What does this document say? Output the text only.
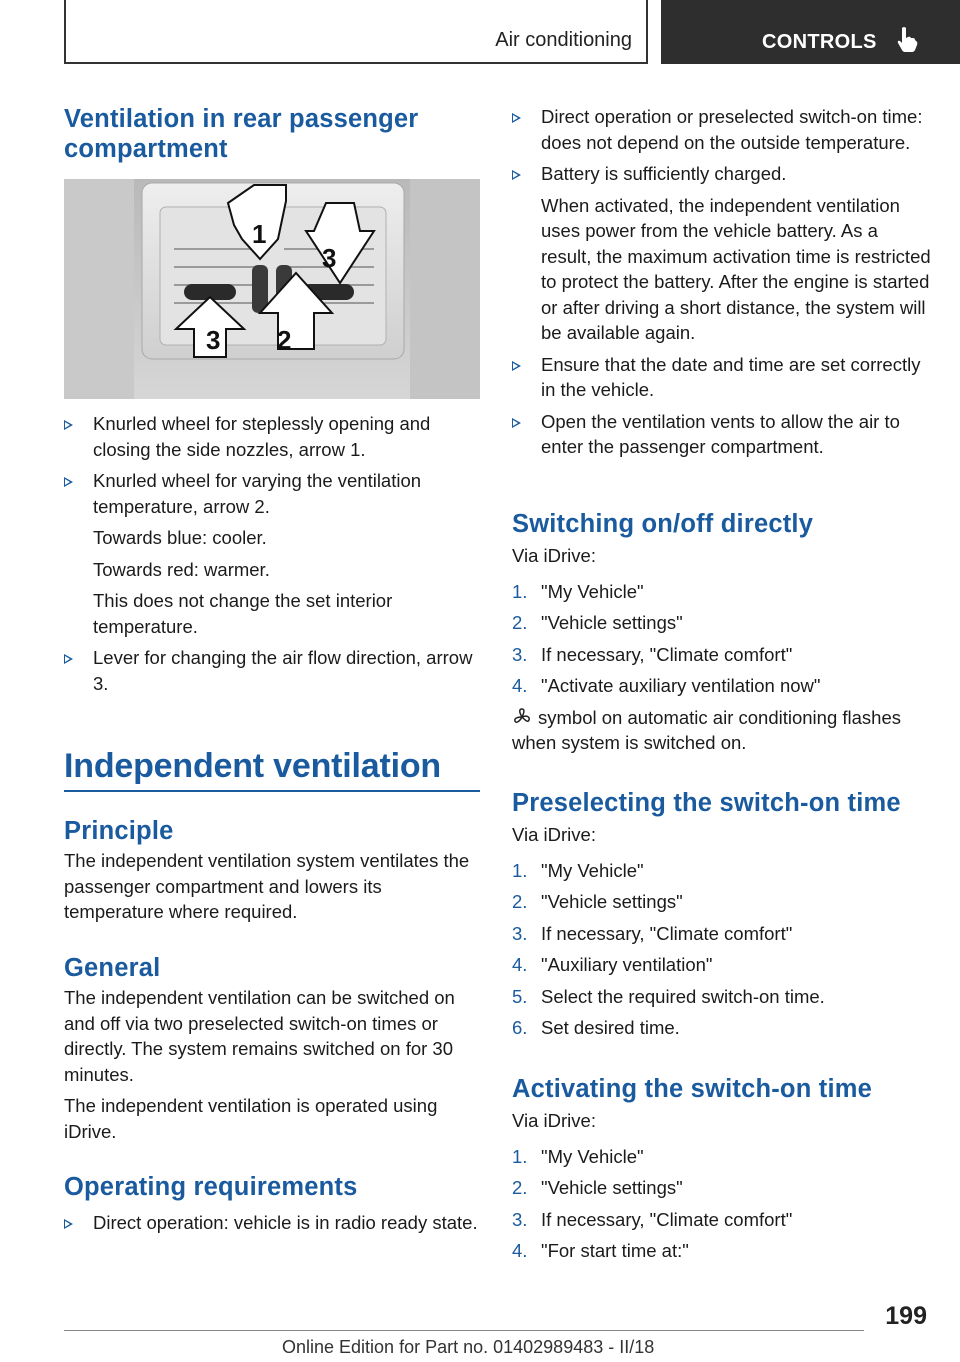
Air conditioning	CONTROLS
Ventilation in rear passenger compartment
1
2
3
3
Knurled wheel for steplessly opening and closing the side nozzles, arrow 1.
Knurled wheel for varying the ventilation temperature, arrow 2.
Towards blue: cooler.
Towards red: warmer.
This does not change the set interior temperature.
Lever for changing the air flow direction, arrow 3.
Independent ventilation
Principle

The independent ventilation system ventilates the passenger compartment and lowers its temperature where required.

General

The independent ventilation can be switched on and off via two preselected switch-on times or directly. The system remains switched on for 30 minutes.

The independent ventilation is operated using iDrive.

Operating requirements
Direct operation: vehicle is in radio ready state.
Direct operation or preselected switch-on time: does not depend on the outside temperature.
Battery is sufficiently charged.
When activated, the independent ventilation uses power from the vehicle battery. As a result, the maximum activation time is restricted to protect the battery. After the engine is started or after driving a short distance, the system will be available again.
Ensure that the date and time are set correctly in the vehicle.
Open the ventilation vents to allow the air to enter the passenger compartment.
Switching on/off directly

Via iDrive:

1. "My Vehicle"
2. "Vehicle settings"
3. If necessary, "Climate comfort"
4. "Activate auxiliary ventilation now"

symbol on automatic air conditioning flashes when system is switched on.

Preselecting the switch-on time

Via iDrive:

1. "My Vehicle"
2. "Vehicle settings"
3. If necessary, "Climate comfort"
4. "Auxiliary ventilation"
5. Select the required switch-on time.
6. Set desired time.
Activating the switch-on time

Via iDrive:

1. "My Vehicle"
2. "Vehicle settings"
3. If necessary, "Climate comfort"
4. "For start time at:"
199
Online Edition for Part no. 01402989483 - II/18
